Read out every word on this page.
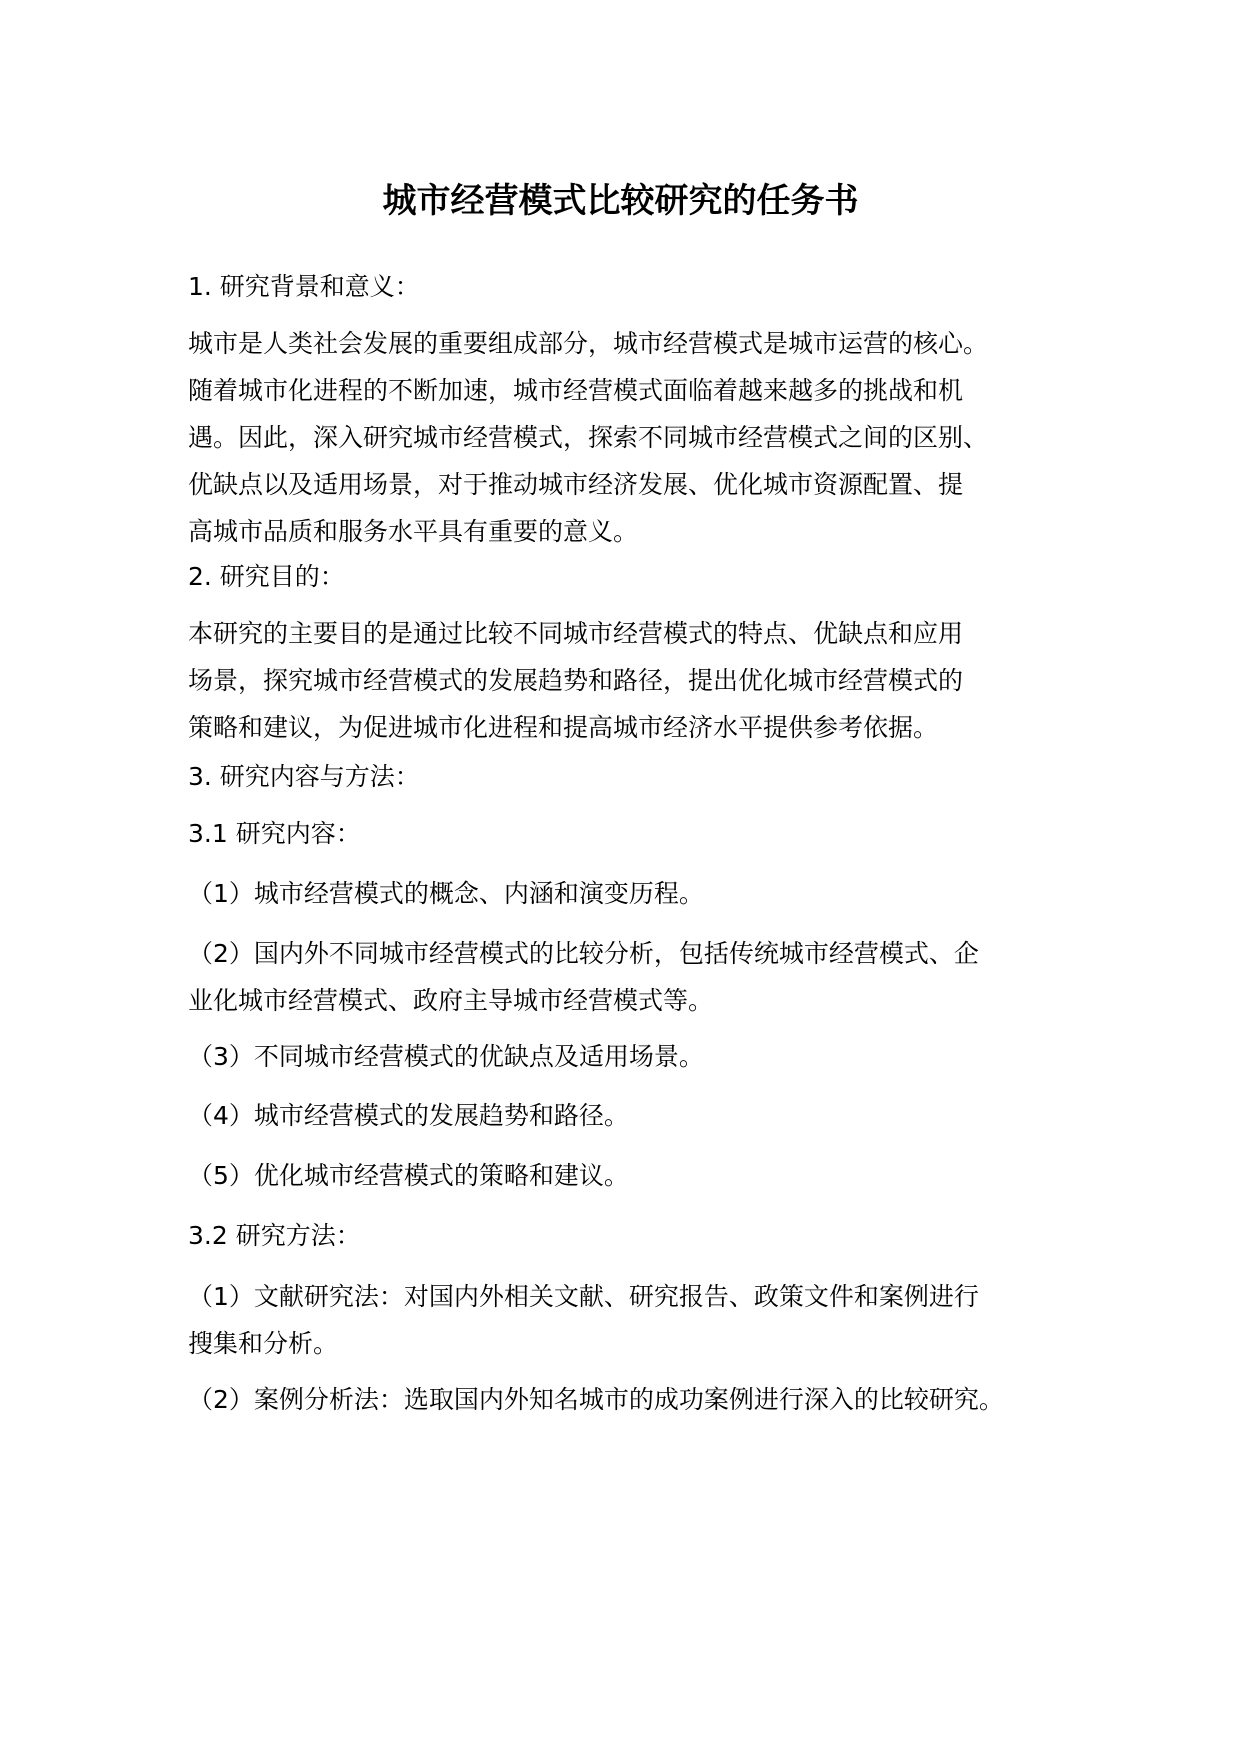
城市经营模式比较研究的任务书
1. 研究背景和意义：
城市是人类社会发展的重要组成部分，城市经营模式是城市运营的核心。
随着城市化进程的不断加速，城市经营模式面临着越来越多的挑战和机
遇。因此，深入研究城市经营模式，探索不同城市经营模式之间的区别、
优缺点以及适用场景，对于推动城市经济发展、优化城市资源配置、提
高城市品质和服务水平具有重要的意义。
2. 研究目的：
本研究的主要目的是通过比较不同城市经营模式的特点、优缺点和应用
场景，探究城市经营模式的发展趋势和路径，提出优化城市经营模式的
策略和建议，为促进城市化进程和提高城市经济水平提供参考依据。
3. 研究内容与方法：
3.1 研究内容：
（1）城市经营模式的概念、内涵和演变历程。
（2）国内外不同城市经营模式的比较分析，包括传统城市经营模式、企
业化城市经营模式、政府主导城市经营模式等。
（3）不同城市经营模式的优缺点及适用场景。
（4）城市经营模式的发展趋势和路径。
（5）优化城市经营模式的策略和建议。
3.2 研究方法：
（1）文献研究法：对国内外相关文献、研究报告、政策文件和案例进行
搜集和分析。
（2）案例分析法：选取国内外知名城市的成功案例进行深入的比较研究。
